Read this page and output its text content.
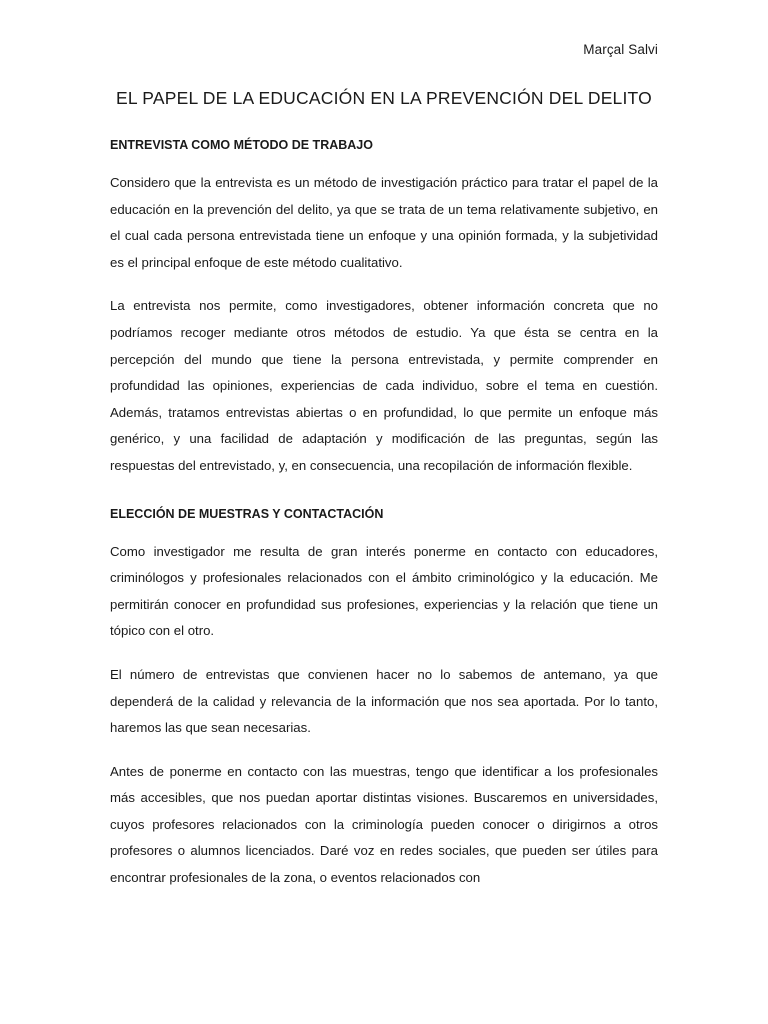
Marçal Salvi
EL PAPEL DE LA EDUCACIÓN EN LA PREVENCIÓN DEL DELITO

ENTREVISTA COMO MÉTODO DE TRABAJO

Considero que la entrevista es un método de investigación práctico para tratar el papel de la educación en la prevención del delito, ya que se trata de un tema relativamente subjetivo, en el cual cada persona entrevistada tiene un enfoque y una opinión formada, y la subjetividad es el principal enfoque de este método cualitativo.

La entrevista nos permite, como investigadores, obtener información concreta que no podríamos recoger mediante otros métodos de estudio. Ya que ésta se centra en la percepción del mundo que tiene la persona entrevistada, y permite comprender en profundidad las opiniones, experiencias de cada individuo, sobre el tema en cuestión. Además, tratamos entrevistas abiertas o en profundidad, lo que permite un enfoque más genérico, y una facilidad de adaptación y modificación de las preguntas, según las respuestas del entrevistado, y, en consecuencia, una recopilación de información flexible.

ELECCIÓN DE MUESTRAS Y CONTACTACIÓN

Como investigador me resulta de gran interés ponerme en contacto con educadores, criminólogos y profesionales relacionados con el ámbito criminológico y la educación. Me permitirán conocer en profundidad sus profesiones, experiencias y la relación que tiene un tópico con el otro.

El número de entrevistas que convienen hacer no lo sabemos de antemano, ya que dependerá de la calidad y relevancia de la información que nos sea aportada. Por lo tanto, haremos las que sean necesarias.

Antes de ponerme en contacto con las muestras, tengo que identificar a los profesionales más accesibles, que nos puedan aportar distintas visiones. Buscaremos en universidades, cuyos profesores relacionados con la criminología pueden conocer o dirigirnos a otros profesores o alumnos licenciados. Daré voz en redes sociales, que pueden ser útiles para encontrar profesionales de la zona, o eventos relacionados con
